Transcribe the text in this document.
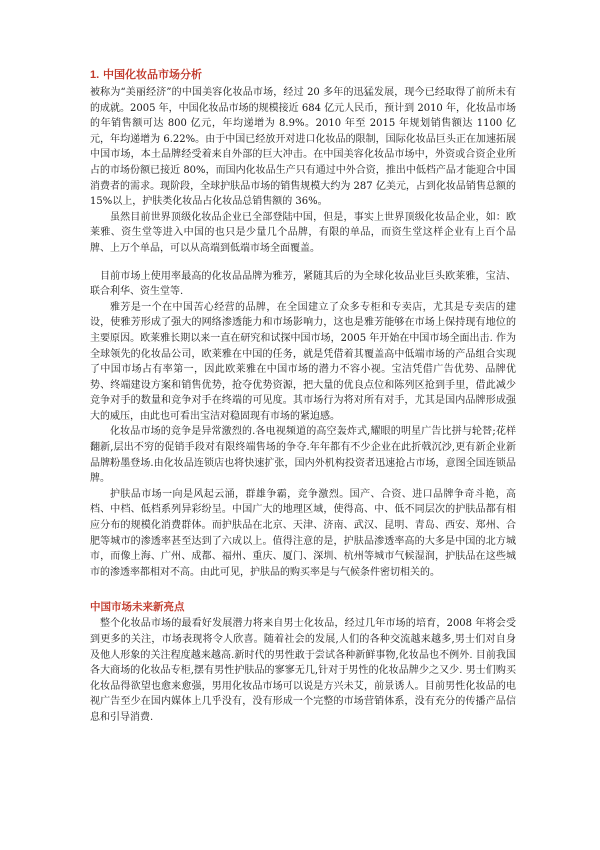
1. 中国化妆品市场分析

被称为“美丽经济”的中国美容化妆品市场，经过 20 多年的迅猛发展，现今已经取得了前所未有的成就。2005 年，中国化妆品市场的规模接近 684 亿元人民币，预计到 2010 年，化妆品市场的年销售额可达 800 亿元，年均递增为 8.9%。2010 年至 2015 年规划销售额达 1100 亿元，年均递增为 6.22%。由于中国已经放开对进口化妆品的限制，国际化妆品巨头正在加速拓展中国市场，本土品牌经受着来自外部的巨大冲击。在中国美容化妆品市场中，外资或合资企业所占的市场份额已接近 80%，而国内化妆品生产只有通过中外合资，推出中低档产品才能迎合中国消费者的需求。现阶段，全球护肤品市场的销售规模大约为 287 亿美元，占到化妆品销售总额的 15%以上，护肤类化妆品占化妆品总销售额的 36%。

虽然目前世界顶级化妆品企业已全部登陆中国，但是，事实上世界顶级化妆品企业，如：欧莱雅、资生堂等进入中国的也只是少量几个品牌，有限的单品，而资生堂这样企业有上百个品牌、上万个单品，可以从高端到低端市场全面覆盖。

目前市场上使用率最高的化妆品品牌为雅芳，紧随其后的为全球化妆品业巨头欧莱雅，宝洁、联合利华、资生堂等.

雅芳是一个在中国苦心经营的品牌，在全国建立了众多专柜和专卖店，尤其是专卖店的建设，使雅芳形成了强大的网络渗透能力和市场影响力，这也是雅芳能够在市场上保持现有地位的主要原因。欧莱雅长期以来一直在研究和试探中国市场，2005 年开始在中国市场全面出击. 作为全球领先的化妆品公司，欧莱雅在中国的任务，就是凭借着其覆盖高中低端市场的产品组合实现了中国市场占有率第一，因此欧莱雅在中国市场的潜力不容小视。宝洁凭借广告优势、品牌优势、终端建设方案和销售优势，抢夺优势资源，把大量的优良点位和陈列区抢到手里，借此减少竞争对手的数量和竞争对手在终端的可见度。其市场行为将对所有对手，尤其是国内品牌形成强大的威压，由此也可看出宝洁对稳固现有市场的紧迫感。

化妆品市场的竞争是异常激烈的.各电视频道的高空轰炸式,耀眼的明星广告比拼与轮替;花样翻新,层出不穷的促销手段对有限终端售场的争夺.年年都有不少企业在此折戟沉沙,更有新企业新品牌粉墨登场.由化妆品连锁店也将快速扩张，国内外机构投资者迅速抢占市场，意图全国连锁品牌。

护肤品市场一向是风起云涌，群雄争霸，竞争激烈。国产、合资、进口品牌争奇斗艳，高档、中档、低档系列异彩纷呈。中国广大的地理区域，使得高、中、低不同层次的护肤品都有相应分布的规模化消费群体。而护肤品在北京、天津、济南、武汉、昆明、青岛、西安、郑州、合肥等城市的渗透率甚至达到了六成以上。值得注意的是，护肤品渗透率高的大多是中国的北方城市，而像上海、广州、成都、福州、重庆、厦门、深圳、杭州等城市气候湿润，护肤品在这些城市的渗透率都相对不高。由此可见，护肤品的购买率是与气候条件密切相关的。

中国市场未来新亮点

整个化妆品市场的最看好发展潜力将来自男士化妆品，经过几年市场的培育，2008 年将会受到更多的关注，市场表现将令人欣喜。随着社会的发展,人们的各种交流越来越多,男士们对自身及他人形象的关注程度越来越高.新时代的男性敢于尝试各种新鲜事物,化妆品也不例外. 目前我国各大商场的化妆品专柜,摆有男性护肤品的寥寥无几,针对于男性的化妆品牌少之又少. 男士们购买化妆品得欲望也愈来愈强，男用化妆品市场可以说是方兴未艾，前景诱人。目前男性化妆品的电视广告至少在国内媒体上几乎没有，没有形成一个完整的市场营销体系，没有充分的传播产品信息和引导消费.
